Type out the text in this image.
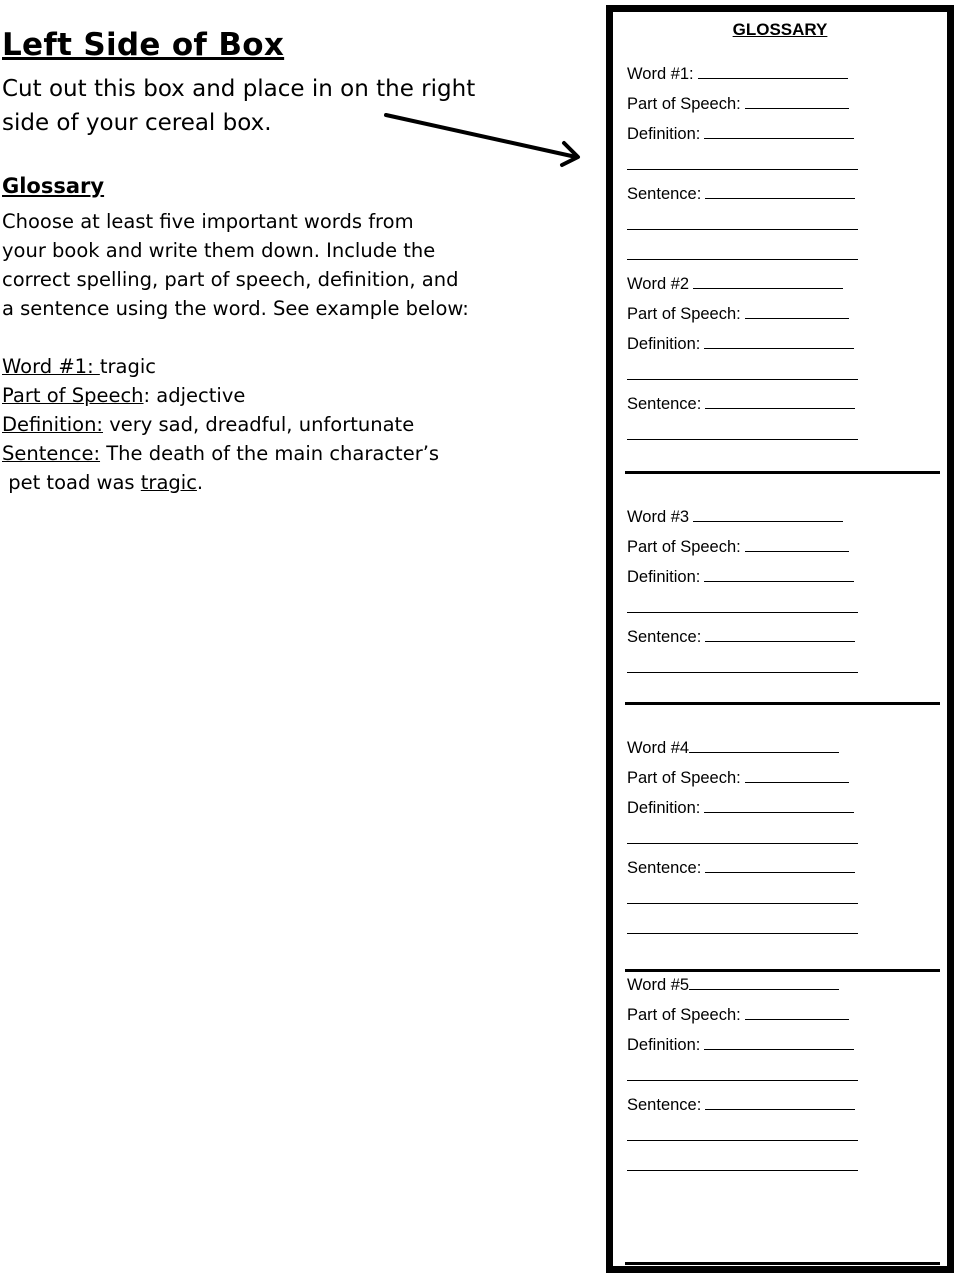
Left Side of Box
Cut out this box and place in on the right
side of your cereal box.
Glossary
Choose at least five important words from
your book and write them down. Include the
correct spelling, part of speech, definition, and
a sentence using the word. See example below:
Word #1: tragic
Part of Speech: adjective
Definition: very sad, dreadful, unfortunate
Sentence: The death of the main character’s
pet toad was tragic.
GLOSSARY
Word #1:
Part of Speech:
Definition:
Sentence:
Word #2
Part of Speech:
Definition:
Sentence:
Word #3
Part of Speech:
Definition:
Sentence:
Word #4
Part of Speech:
Definition:
Sentence:
Word #5
Part of Speech:
Definition:
Sentence:
